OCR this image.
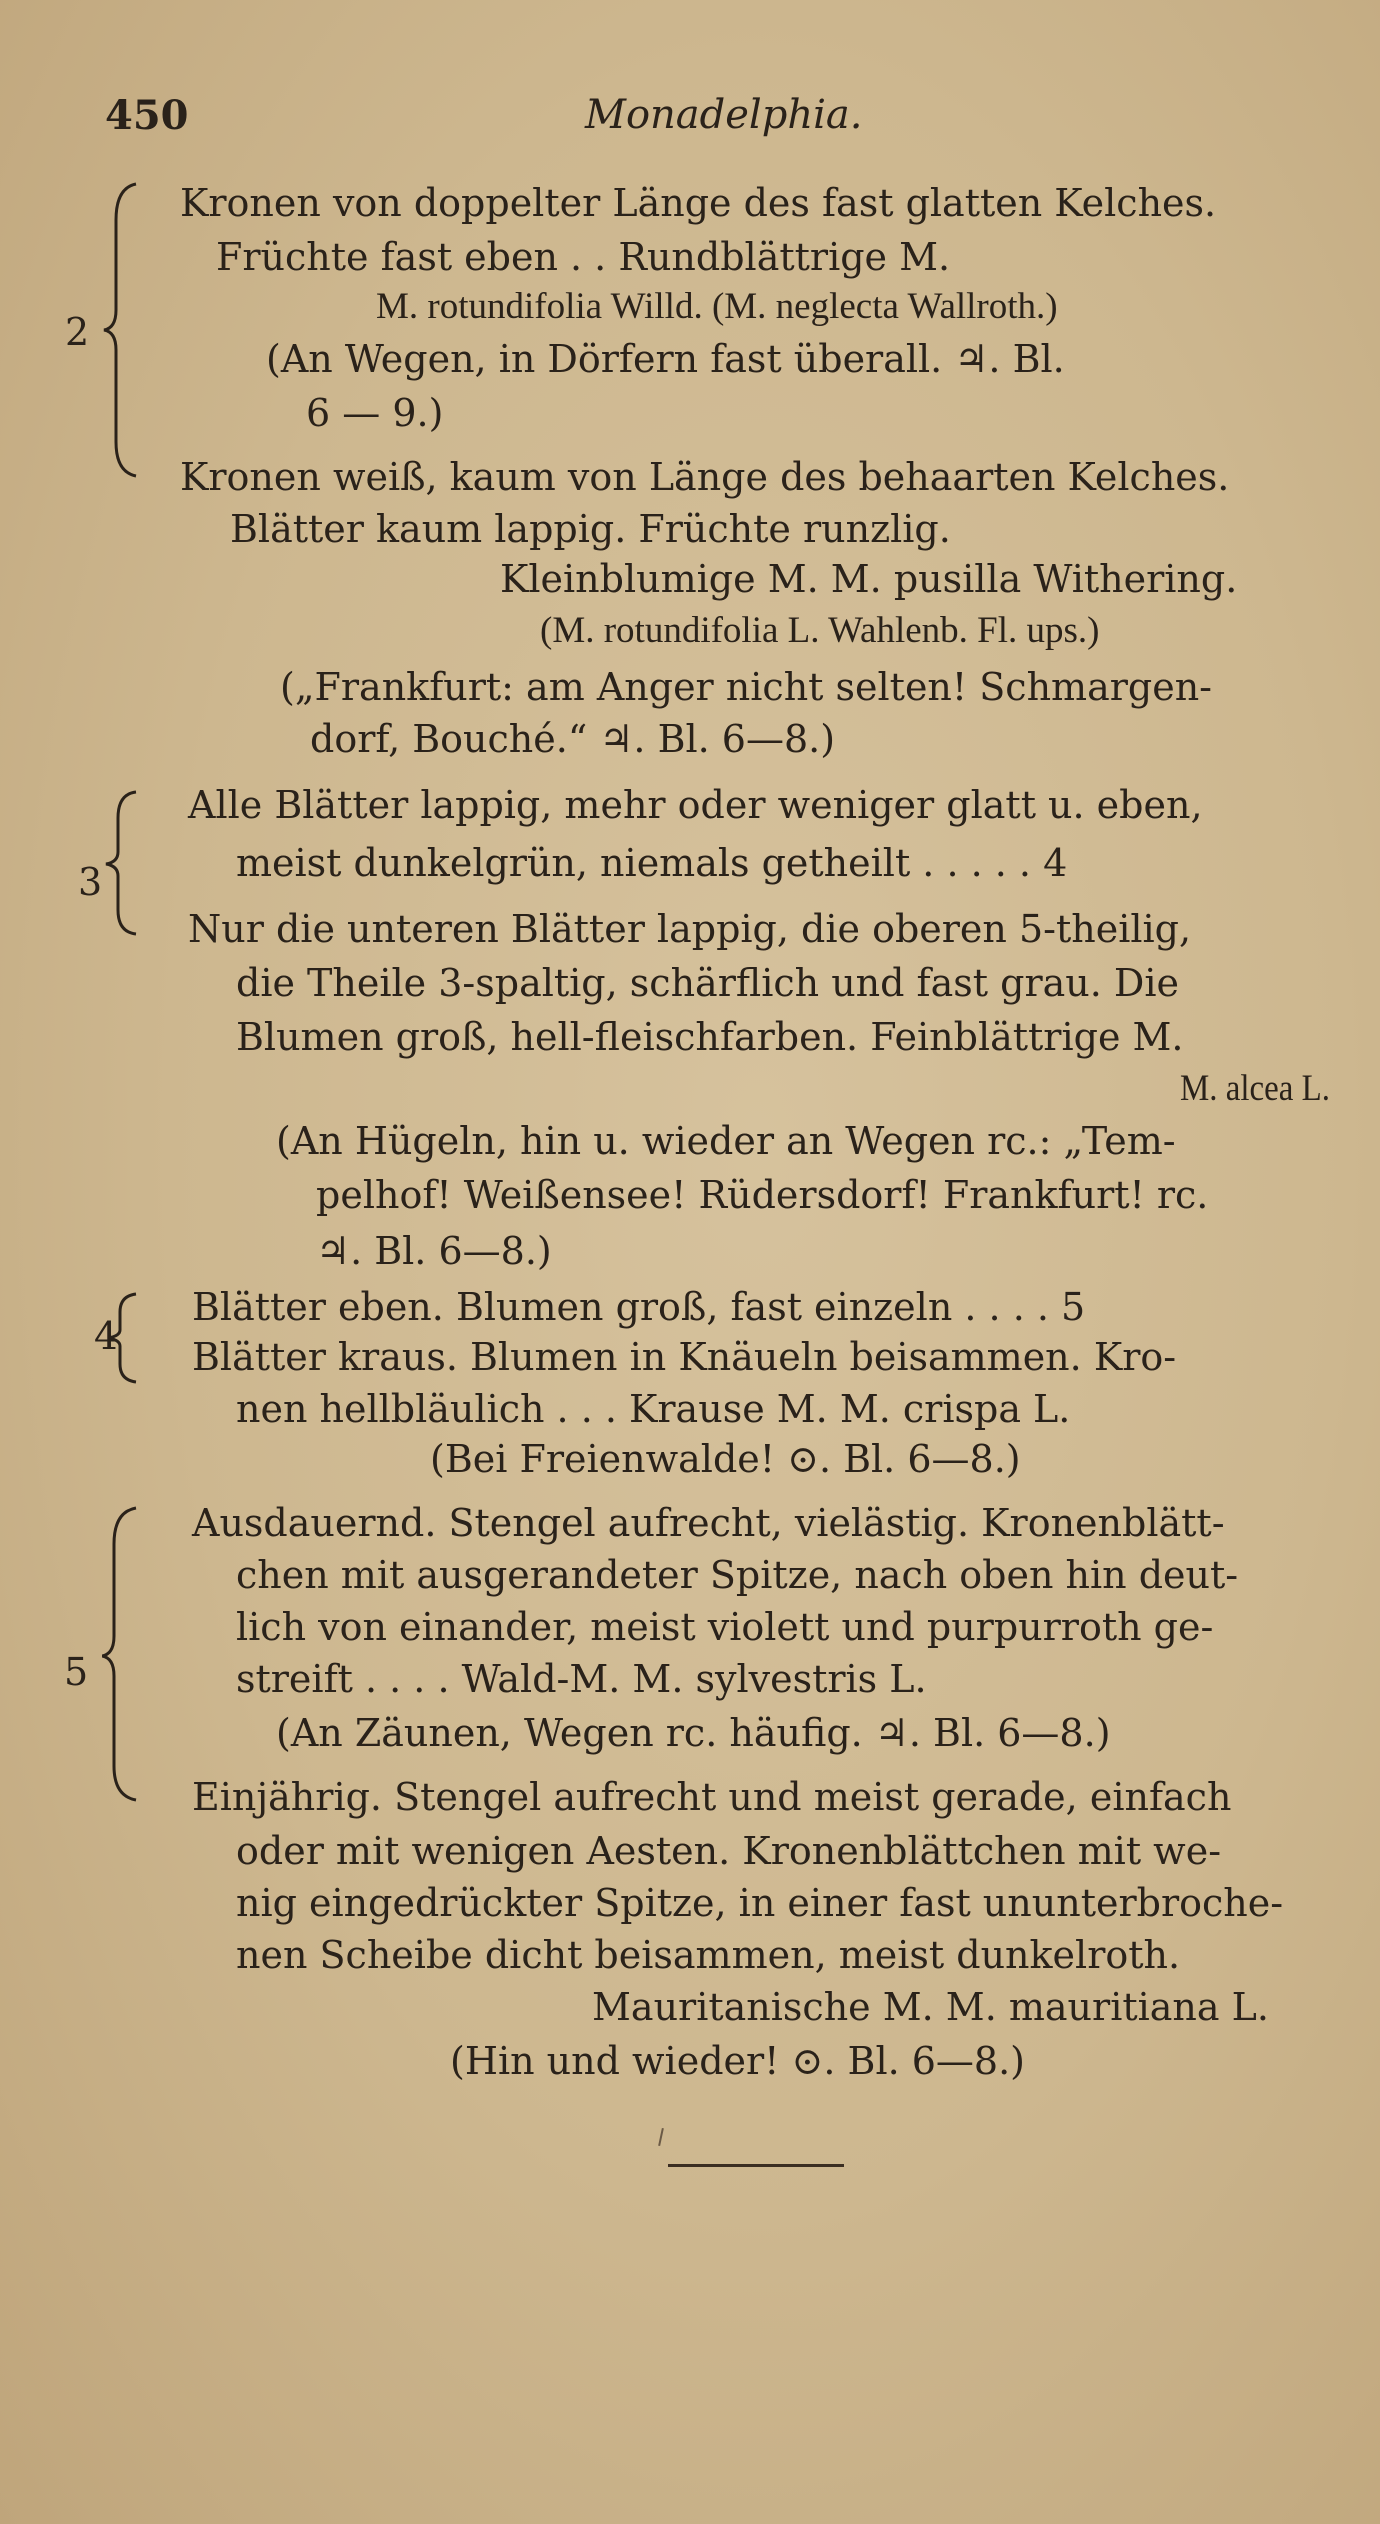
450	Monadelphia.
2
Kronen von doppelter Länge des fast glatten Kelches.
Früchte fast eben . . Rundblättrige M.
M. rotundifolia Willd. (M. neglecta Wallroth.)
(An Wegen, in Dörfern fast überall. ♃. Bl.
6 — 9.)
Kronen weiß, kaum von Länge des behaarten Kelches.
Blätter kaum lappig. Früchte runzlig.
Kleinblumige M. M. pusilla Withering.
(M. rotundifolia L. Wahlenb. Fl. ups.)
(„Frankfurt: am Anger nicht selten! Schmargen-
dorf, Bouché.“ ♃. Bl. 6—8.)
3
Alle Blätter lappig, mehr oder weniger glatt u. eben,
meist dunkelgrün, niemals getheilt . . . . . 4
Nur die unteren Blätter lappig, die oberen 5-theilig,
die Theile 3-spaltig, schärflich und fast grau. Die
Blumen groß, hell-fleischfarben. Feinblättrige M.
M. alcea L.
(An Hügeln, hin u. wieder an Wegen rc.: „Tem-
pelhof! Weißensee! Rüdersdorf! Frankfurt! rc.
♃. Bl. 6—8.)
4
Blätter eben. Blumen groß, fast einzeln . . . . 5
Blätter kraus. Blumen in Knäueln beisammen. Kro-
nen hellbläulich . . . Krause M. M. crispa L.
(Bei Freienwalde! ⊙. Bl. 6—8.)
5
Ausdauernd. Stengel aufrecht, vielästig. Kronenblätt-
chen mit ausgerandeter Spitze, nach oben hin deut-
lich von einander, meist violett und purpurroth ge-
streift . . . . Wald-M. M. sylvestris L.
(An Zäunen, Wegen rc. häufig. ♃. Bl. 6—8.)
Einjährig. Stengel aufrecht und meist gerade, einfach
oder mit wenigen Aesten. Kronenblättchen mit we-
nig eingedrückter Spitze, in einer fast ununterbroche-
nen Scheibe dicht beisammen, meist dunkelroth.
Mauritanische M. M. mauritiana L.
(Hin und wieder! ⊙. Bl. 6—8.)
